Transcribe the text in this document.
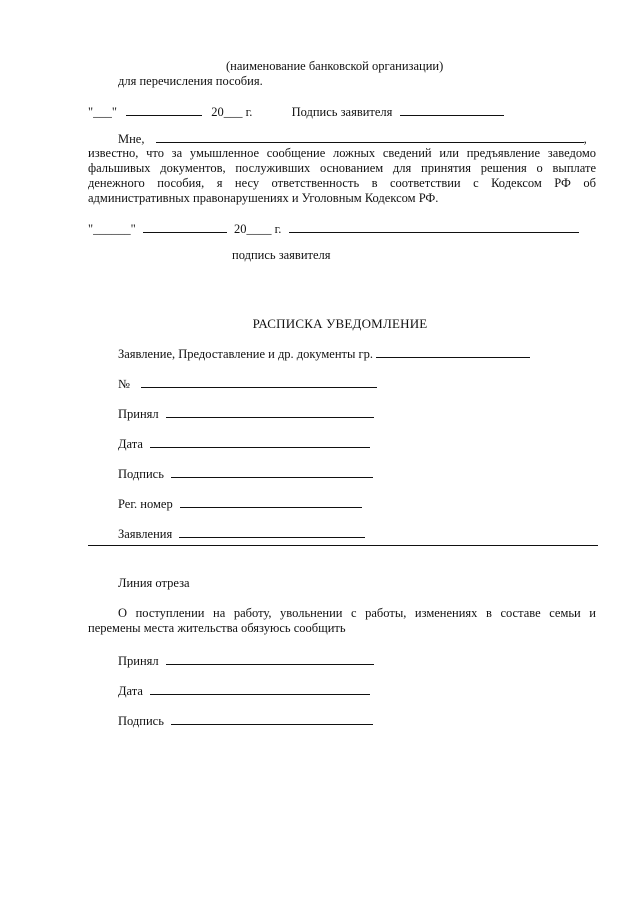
(наименование банковской организации)
для перечисления пособия.
"___"	20___ г.	Подпись заявителя
Мне,	,
известно, что за умышленное сообщение ложных сведений или предъявление заведомо
фальшивых документов, послуживших основанием для принятия решения о выплате
денежного пособия, я несу ответственность в соответствии с Кодексом РФ об
административных правонарушениях и Уголовным Кодексом РФ.
"______"	20____ г.
подпись заявителя
РАСПИСКА УВЕДОМЛЕНИЕ
Заявление, Предоставление и др. документы гр.
№
Принял
Дата
Подпись
Рег. номер
Заявления
Линия отреза
О поступлении на работу, увольнении с работы, изменениях в составе семьи и
перемены места жительства обязуюсь сообщить
Принял
Дата
Подпись
